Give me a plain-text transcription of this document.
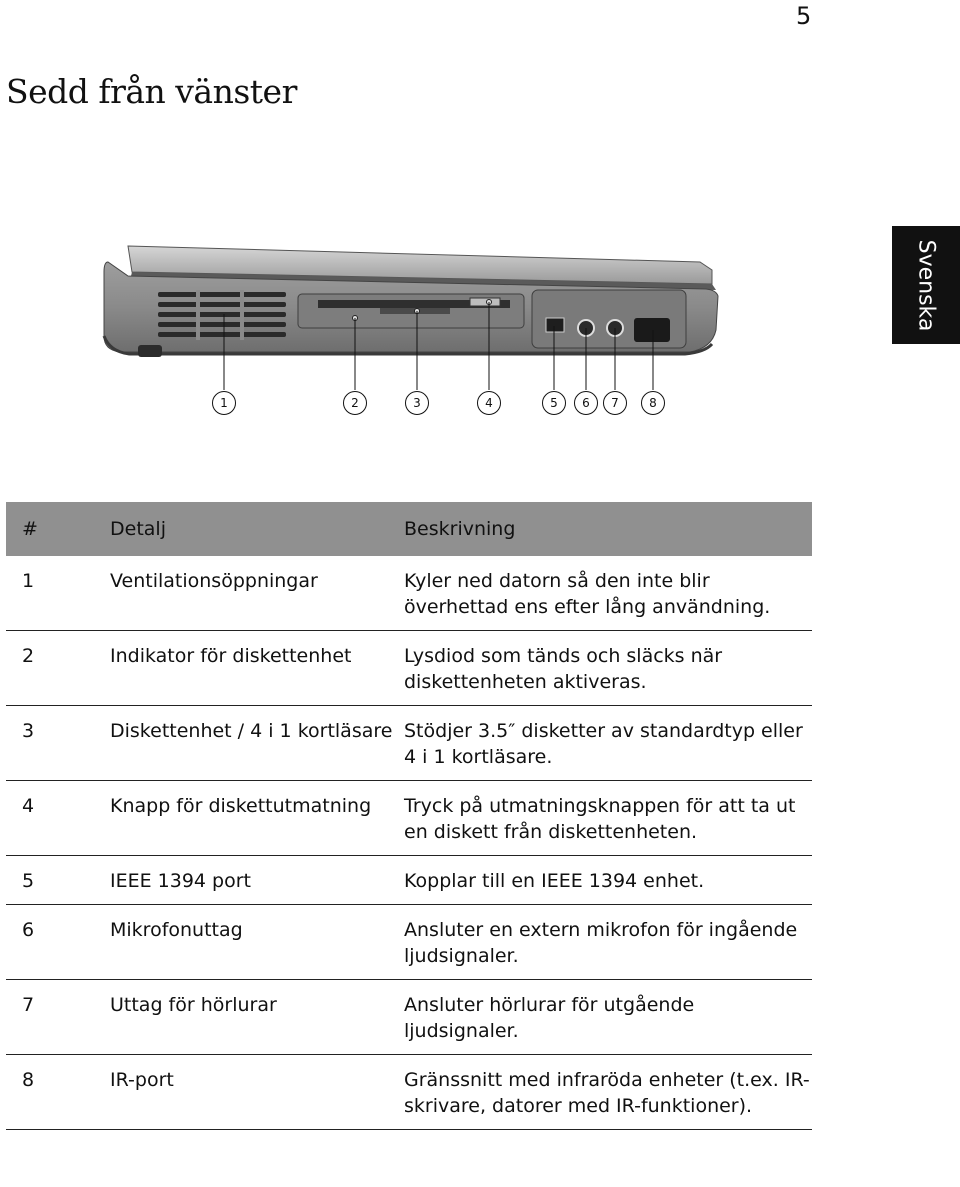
5
Sedd från vänster
Svenska
1	2	3	4	5	6	7	8
#	Detalj	Beskrivning
1	Ventilationsöppningar	Kyler ned datorn så den inte blir överhettad ens efter lång användning.
2	Indikator för diskettenhet	Lysdiod som tänds och släcks när diskettenheten aktiveras.
3	Diskettenhet / 4 i 1 kortläsare	Stödjer 3.5″ disketter av standardtyp eller 4 i 1 kortläsare.
4	Knapp för diskettutmatning	Tryck på utmatningsknappen för att ta ut en diskett från diskettenheten.
5	IEEE 1394 port	Kopplar till en IEEE 1394 enhet.
6	Mikrofonuttag	Ansluter en extern mikrofon för ingående ljudsignaler.
7	Uttag för hörlurar	Ansluter hörlurar för utgående ljudsignaler.
8	IR-port	Gränssnitt med infraröda enheter (t.ex. IR-skrivare, datorer med IR-funktioner).
